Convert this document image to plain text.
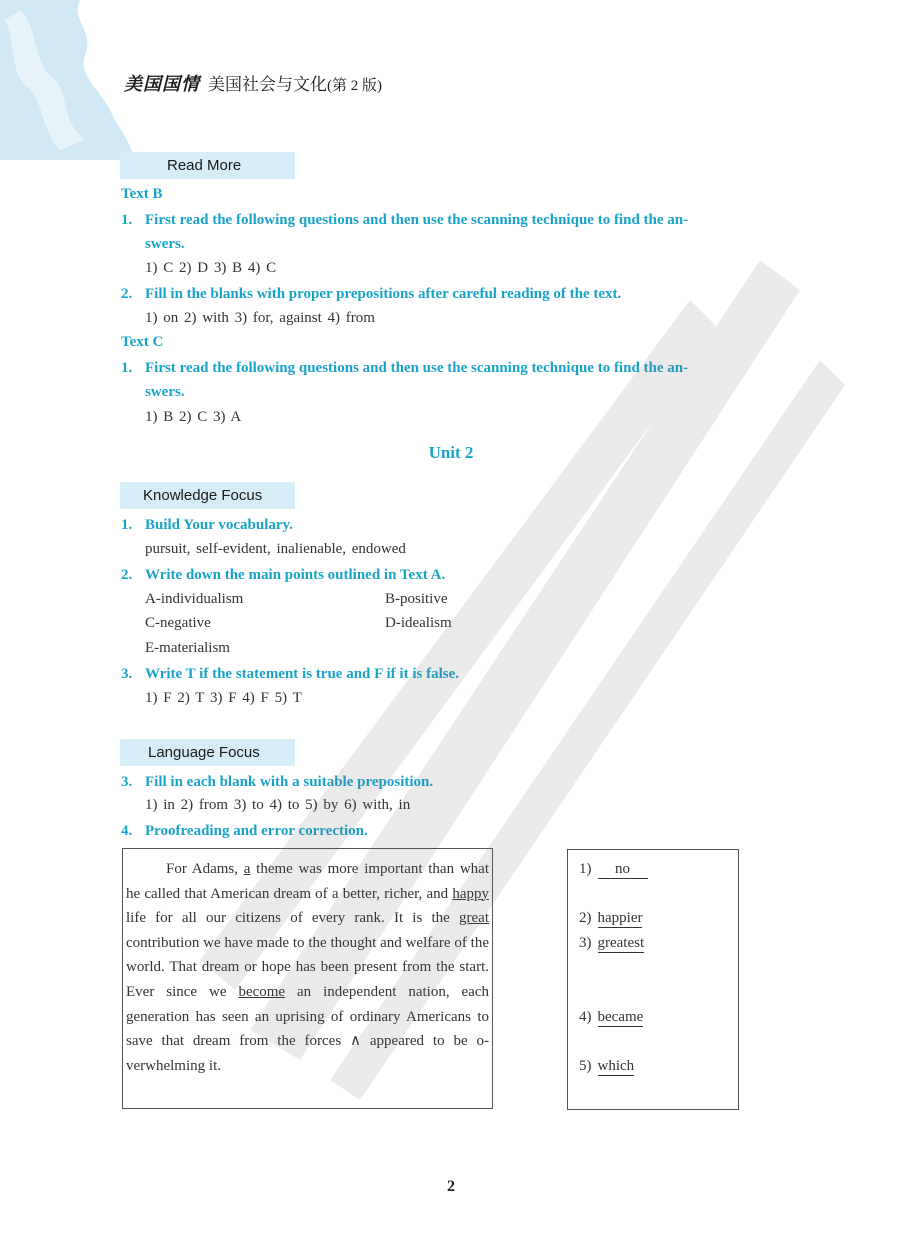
美国国情 美国社会与文化(第 2 版)
Read More
Text B
1. First read the following questions and then use the scanning technique to find the an-
swers.
1) C 2) D 3) B 4) C
2. Fill in the blanks with proper prepositions after careful reading of the text.
1) on 2) with 3) for, against 4) from
Text C
1. First read the following questions and then use the scanning technique to find the an-
swers.
1) B 2) C 3) A
Unit 2
Knowledge Focus
1. Build Your vocabulary.
pursuit, self-evident, inalienable, endowed
2. Write down the main points outlined in Text A.
A-individualism	B-positive
C-negative	D-idealism
E-materialism
3. Write T if the statement is true and F if it is false.
1) F 2) T 3) F 4) F 5) T
Language Focus
3. Fill in each blank with a suitable preposition.
1) in 2) from 3) to 4) to 5) by 6) with, in
4. Proofreading and error correction.

For Adams, a theme was more important than what he called that American dream of a better, richer, and happy life for all our citizens of every rank. It is the great contribution we have made to the thought and welfare of the world. That dream or hope has been present from the start. Ever since we become an independent nation, each generation has seen an uprising of ordinary Americans to save that dream from the forces ∧ appeared to be o-verwhelming it.

1) no
2) happier
3) greatest
4) became
5) which
2
